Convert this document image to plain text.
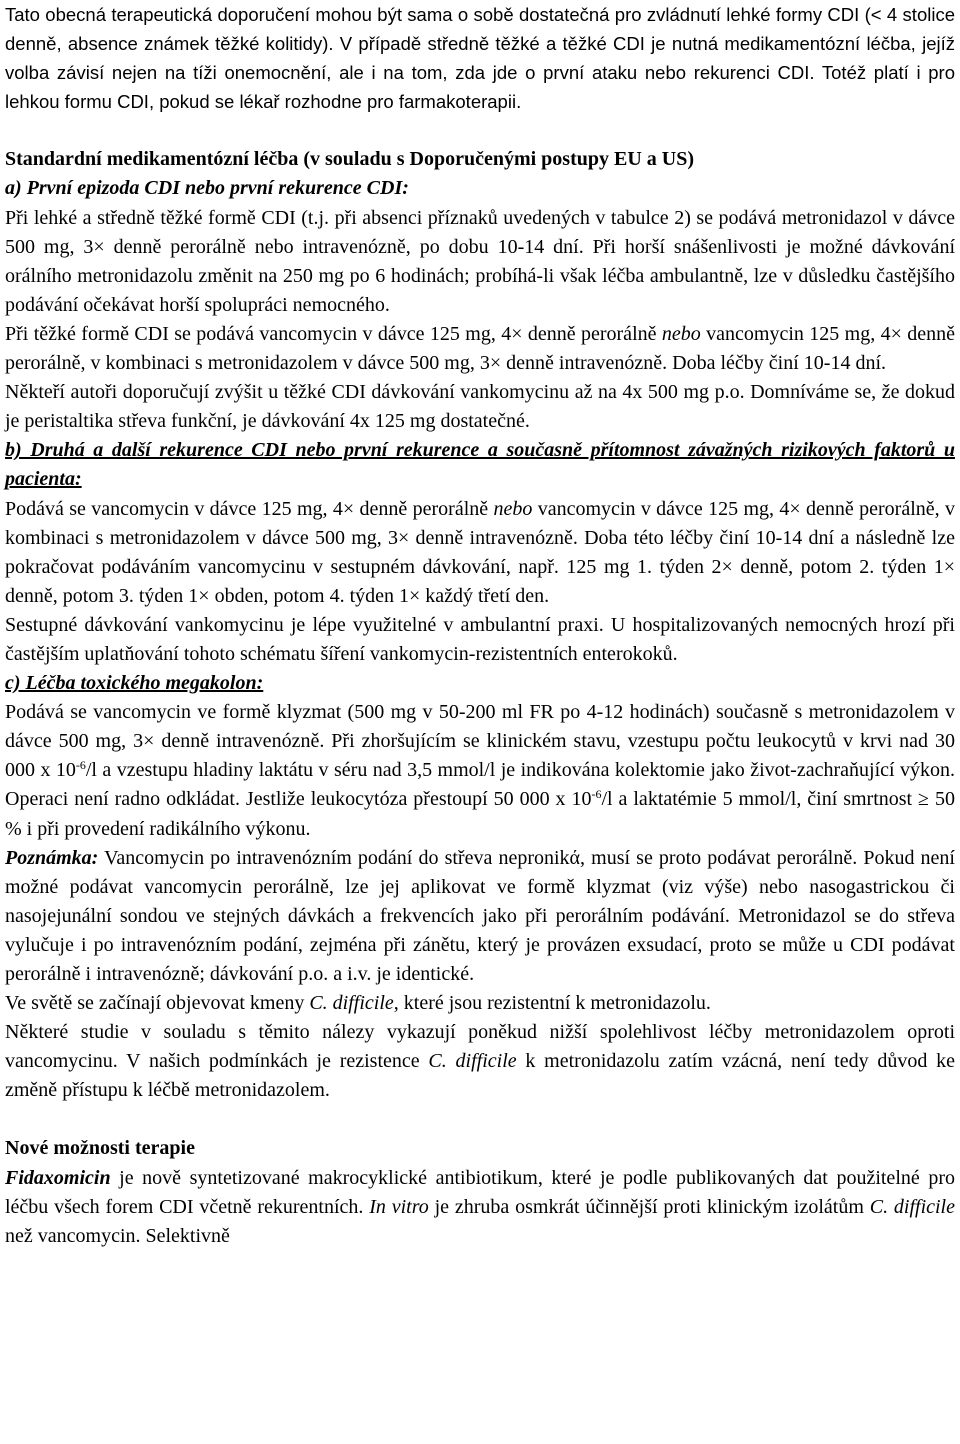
Tato obecná terapeutická doporučení mohou být sama o sobě dostatečná pro zvládnutí lehké formy CDI (< 4 stolice denně, absence známek těžké kolitidy). V případě středně těžké a těžké CDI je nutná medikamentózní léčba, jejíž volba závisí nejen na tíži onemocnění, ale i na tom, zda jde o první ataku nebo rekurenci CDI. Totéž platí i pro lehkou formu CDI, pokud se lékař rozhodne pro farmakoterapii.

Standardní medikamentózní léčba (v souladu s Doporučenými postupy EU a US)

a) První epizoda CDI nebo první rekurence CDI:

Při lehké a středně těžké formě CDI (t.j. při absenci příznaků uvedených v tabulce 2) se podává metronidazol v dávce 500 mg, 3× denně perorálně nebo intravenózně, po dobu 10-14 dní. Při horší snášenlivosti je možné dávkování orálního metronidazolu změnit na 250 mg po 6 hodinách; probíhá-li však léčba ambulantně, lze v důsledku častějšího podávání očekávat horší spolupráci nemocného.

Při těžké formě CDI se podává vancomycin v dávce 125 mg, 4× denně perorálně nebo vancomycin 125 mg, 4× denně perorálně, v kombinaci s metronidazolem v dávce 500 mg, 3× denně intravenózně. Doba léčby činí 10-14 dní.

Někteří autoři doporučují zvýšit u těžké CDI dávkování vankomycinu až na 4x 500 mg p.o. Domníváme se, že dokud je peristaltika střeva funkční, je dávkování 4x 125 mg dostatečné.

b) Druhá a další rekurence CDI nebo první rekurence a současně přítomnost závažných rizikových faktorů u pacienta:

Podává se vancomycin v dávce 125 mg, 4× denně perorálně nebo vancomycin v dávce 125 mg, 4× denně perorálně, v kombinaci s metronidazolem v dávce 500 mg, 3× denně intravenózně. Doba této léčby činí 10-14 dní a následně lze pokračovat podáváním vancomycinu v sestupném dávkování, např. 125 mg 1. týden 2× denně, potom 2. týden 1× denně, potom 3. týden 1× obden, potom 4. týden 1× každý třetí den.

Sestupné dávkování vankomycinu je lépe využitelné v ambulantní praxi. U hospitalizovaných nemocných hrozí při častějším uplatňování tohoto schématu šíření vankomycin-rezistentních enterokoků.

c) Léčba toxického megakolon:

Podává se vancomycin ve formě klyzmat (500 mg v 50-200 ml FR po 4-12 hodinách) současně s metronidazolem v dávce 500 mg, 3× denně intravenózně. Při zhoršujícím se klinickém stavu, vzestupu počtu leukocytů v krvi nad 30 000 x $10^{-6}/l$ a vzestupu hladiny laktátu v séru nad 3,5 mmol/l je indikována kolektomie jako život-zachraňující výkon. Operaci není radno odkládat. Jestliže leukocytóza přestoupí 50 000 x $10^{-6}/l$ a laktatémie 5 mmol/l, činí smrtnost ≥ 50 % i při provedení radikálního výkonu.

Poznámka: Vancomycin po intravenózním podání do střeva nepronikά, musí se proto podávat perorálně. Pokud není možné podávat vancomycin perorálně, lze jej aplikovat ve formě klyzmat (viz výše) nebo nasogastrickou či nasojejunální sondou ve stejných dávkách a frekvencích jako při perorálním podávání. Metronidazol se do střeva vylučuje i po intravenózním podání, zejména při zánětu, který je provázen exsudací, proto se může u CDI podávat perorálně i intravenózně; dávkování p.o. a i.v. je identické.

Ve světě se začínají objevovat kmeny C. difficile, které jsou rezistentní k metronidazolu.

Některé studie v souladu s těmito nálezy vykazují poněkud nižší spolehlivost léčby metronidazolem oproti vancomycinu. V našich podmínkách je rezistence C. difficile k metronidazolu zatím vzácná, není tedy důvod ke změně přístupu k léčbě metronidazolem.

Nové možnosti terapie

Fidaxomicin je nově syntetizované makrocyklické antibiotikum, které je podle publikovaných dat použitelné pro léčbu všech forem CDI včetně rekurentních. In vitro je zhruba osmkrát účinnější proti klinickým izolátům C. difficile než vancomycin. Selektivně
